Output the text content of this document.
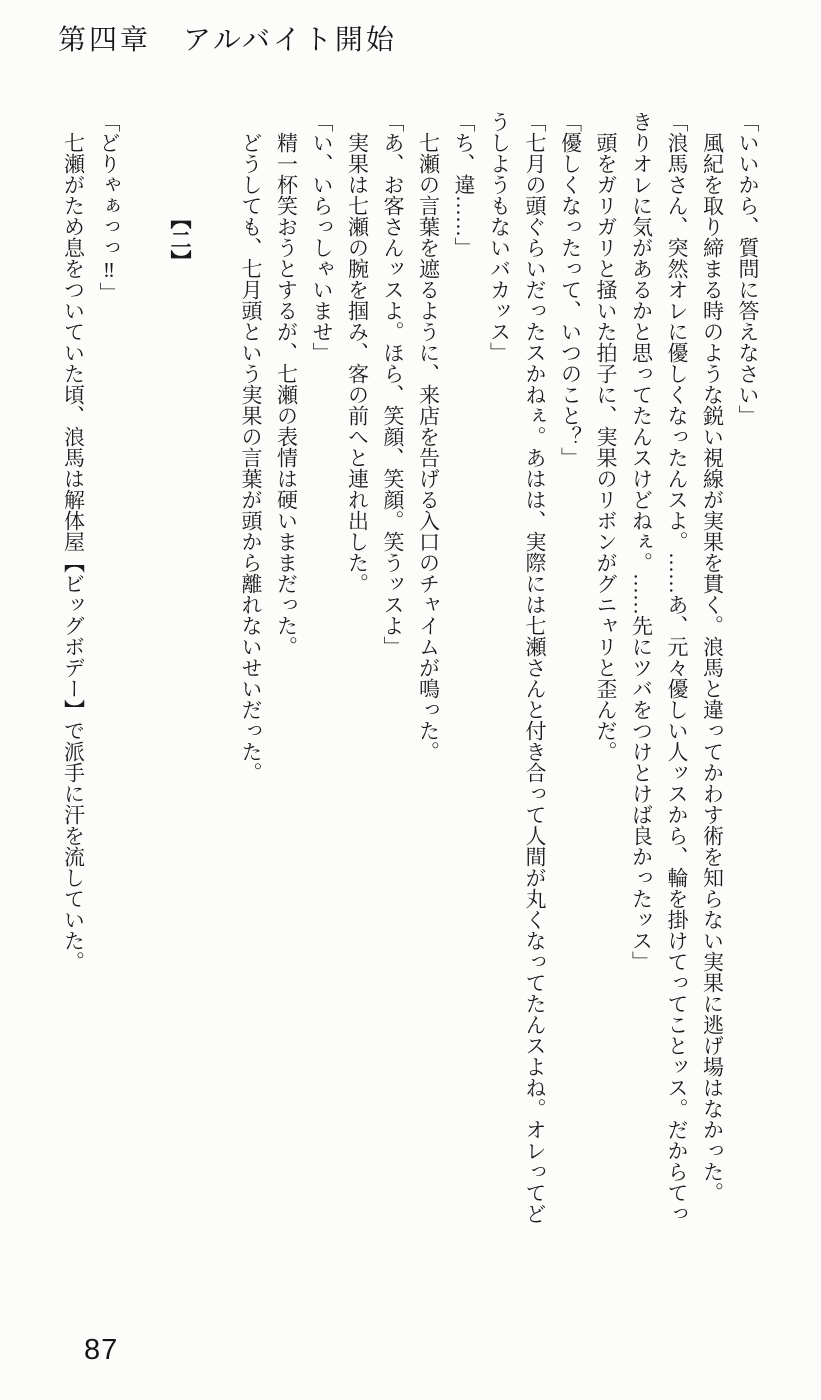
第四章 アルバイト開始

「いいから、質問に答えなさい」

風紀を取り締まる時のような鋭い視線が実果を貫く。浪馬と違ってかわす術を知らない実果に逃げ場はなかった。

「浪馬さん、突然オレに優しくなったんスよ。……あ、元々優しい人ッスから、輪を掛けてってことッス。だからてっきりオレに気があるかと思ってたんスけどねぇ。……先にツバをつけとけば良かったッス」

頭をガリガリと掻いた拍子に、実果のリボンがグニャリと歪んだ。

「優しくなったって、いつのこと？」

「七月の頭ぐらいだったスかねぇ。あはは、実際には七瀬さんと付き合って人間が丸くなってたんスよね。オレってどうしようもないバカッス」

「ち、違……」

七瀬の言葉を遮るように、来店を告げる入口のチャイムが鳴った。

「あ、お客さんッスよ。ほら、笑顔、笑顔。笑うッスよ」

実果は七瀬の腕を掴み、客の前へと連れ出した。

「い、いらっしゃいませ」

精一杯笑おうとするが、七瀬の表情は硬いままだった。

どうしても、七月頭という実果の言葉が頭から離れないせいだった。

【二】

「どりゃぁっっ‼」

七瀬がため息をついていた頃、浪馬は解体屋【ビッグボデー】で派手に汗を流していた。

87
